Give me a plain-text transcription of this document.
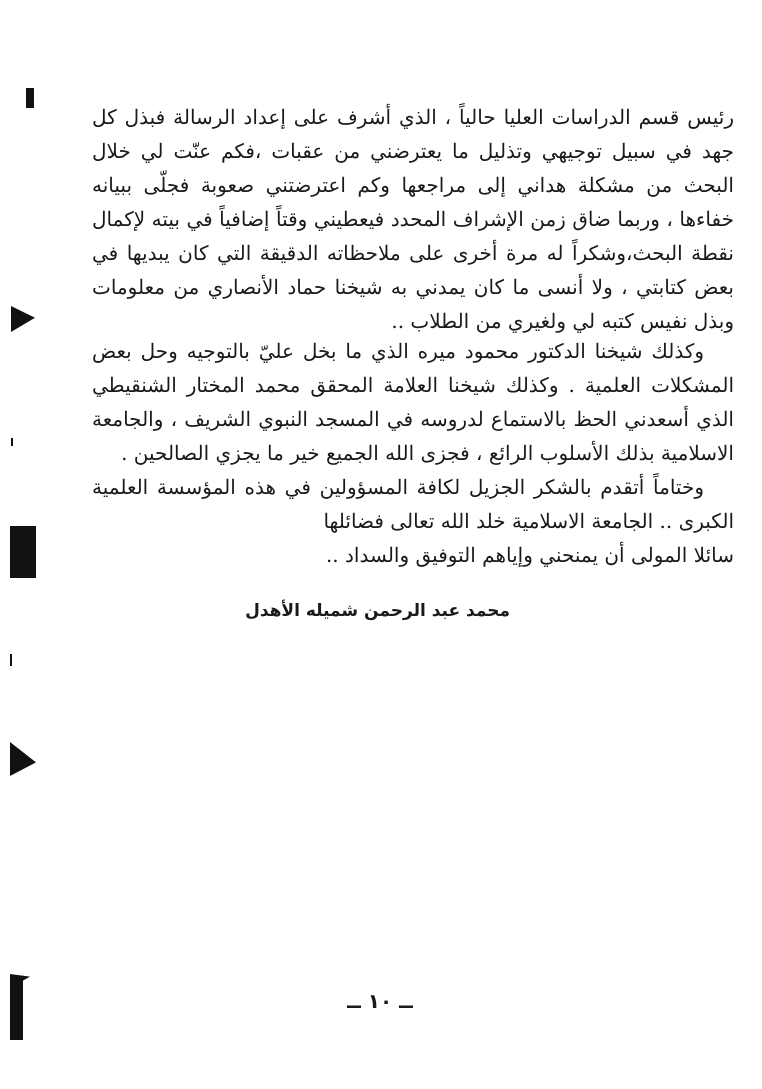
رئيس قسم الدراسات العليا حالياً ، الذي أشرف على إعداد الرسالة فبذل كل جهد في سبيل توجيهي وتذليل ما يعترضني من عقبات ،فكم عنّت لي خلال البحث من مشكلة هداني إلى مراجعها وكم اعترضتني صعوبة فجلّى ببيانه خفاءها ، وربما ضاق زمن الإشراف المحدد فيعطيني وقتاً إضافياً في بيته لإكمال نقطة البحث،وشكراً له مرة أخرى على ملاحظاته الدقيقة التي كان يبديها في بعض كتابتي ، ولا أنسى ما كان يمدني به شيخنا حماد الأنصاري من معلومات وبذل نفيس كتبه لي ولغيري من الطلاب ..

وكذلك شيخنا الدكتور محمود ميره الذي ما بخل عليّ بالتوجيه وحل بعض المشكلات العلمية . وكذلك شيخنا العلامة المحقق محمد المختار الشنقيطي الذي أسعدني الحظ بالاستماع لدروسه في المسجد النبوي الشريف ، والجامعة الاسلامية بذلك الأسلوب الرائع ، فجزى الله الجميع خير ما يجزي الصالحين .

وختاماً أتقدم بالشكر الجزيل لكافة المسؤولين في هذه المؤسسة العلمية الكبرى .. الجامعة الاسلامية خلد الله تعالى فضائلها

سائلا المولى أن يمنحني وإياهم التوفيق والسداد ..

محمد عبد الرحمن شميله الأهدل
ــ ١٠ ــ
